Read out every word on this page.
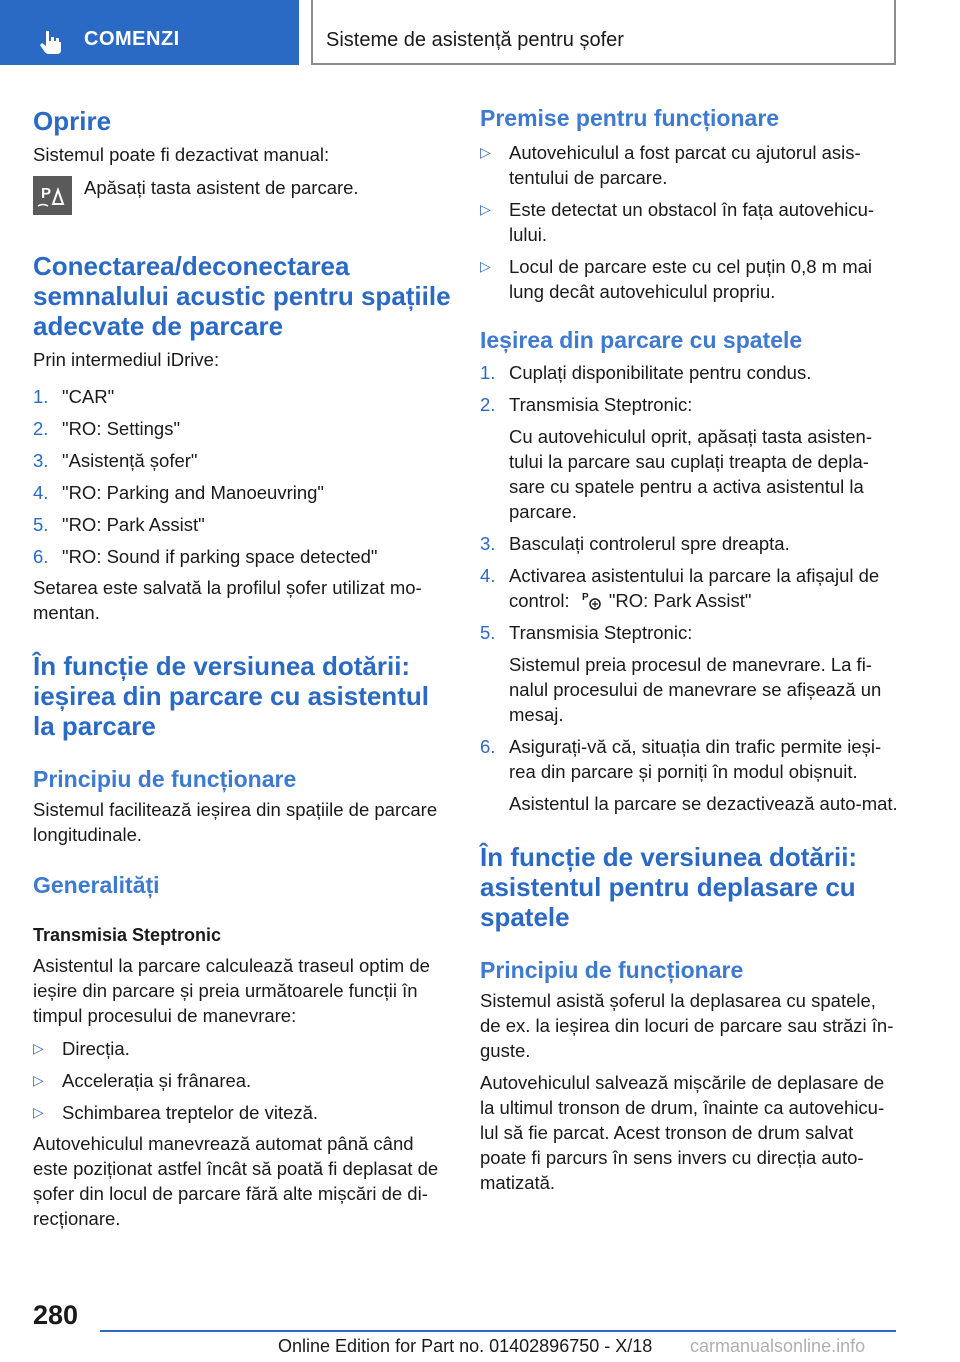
COMENZI	Sisteme de asistență pentru șofer
Oprire

Sistemul poate fi dezactivat manual:

P Apăsați tasta asistent de parcare.

Conectarea/deconectarea semnalului acustic pentru spațiile adecvate de parcare

Prin intermediul iDrive:

1. "CAR"
2. "RO: Settings"
3. "Asistență șofer"
4. "RO: Parking and Manoeuvring"
5. "RO: Park Assist"
6. "RO: Sound if parking space detected"

Setarea este salvată la profilul șofer utilizat mo-mentan.

În funcție de versiunea dotării: ieșirea din parcare cu asistentul la parcare
Principiu de funcționare

Sistemul facilitează ieșirea din spațiile de parcare longitudinale.

Generalități
Transmisia Steptronic

Asistentul la parcare calculează traseul optim de ieșire din parcare și preia următoarele funcții în timpul procesului de manevrare:

▷ Direcția.
▷ Accelerația și frânarea.
▷ Schimbarea treptelor de viteză.

Autovehiculul manevrează automat până când este poziționat astfel încât să poată fi deplasat de șofer din locul de parcare fără alte mișcări de di-recționare.

Premise pentru funcționare
▷ Autovehiculul a fost parcat cu ajutorul asis-tentului de parcare.
▷ Este detectat un obstacol în fața autovehicu-lului.
▷ Locul de parcare este cu cel puțin 0,8 m mai lung decât autovehiculul propriu.
Ieșirea din parcare cu spatele
1. Cuplați disponibilitate pentru condus.
2. Transmisia Steptronic:
Cu autovehiculul oprit, apăsați tasta asisten-tului la parcare sau cuplați treapta de depla-sare cu spatele pentru a activa asistentul la parcare.
3. Basculați controlerul spre dreapta.
4. Activarea asistentului la parcare la afișajul de control: P "RO: Park Assist"
5. Transmisia Steptronic:
Sistemul preia procesul de manevrare. La fi-nalul procesului de manevrare se afișează un mesaj.
6. Asigurați-vă că, situația din trafic permite ieși-rea din parcare și porniți în modul obișnuit.
Asistentul la parcare se dezactivează auto-mat.
În funcție de versiunea dotării: asistentul pentru deplasare cu spatele
Principiu de funcționare

Sistemul asistă șoferul la deplasarea cu spatele, de ex. la ieșirea din locuri de parcare sau străzi în-guste.

Autovehiculul salvează mișcările de deplasare de la ultimul tronson de drum, înainte ca autovehicu-lul să fie parcat. Acest tronson de drum salvat poate fi parcurs în sens invers cu direcția auto-matizată.

280
Online Edition for Part no. 01402896750 - X/18 carmanualsonline.info
